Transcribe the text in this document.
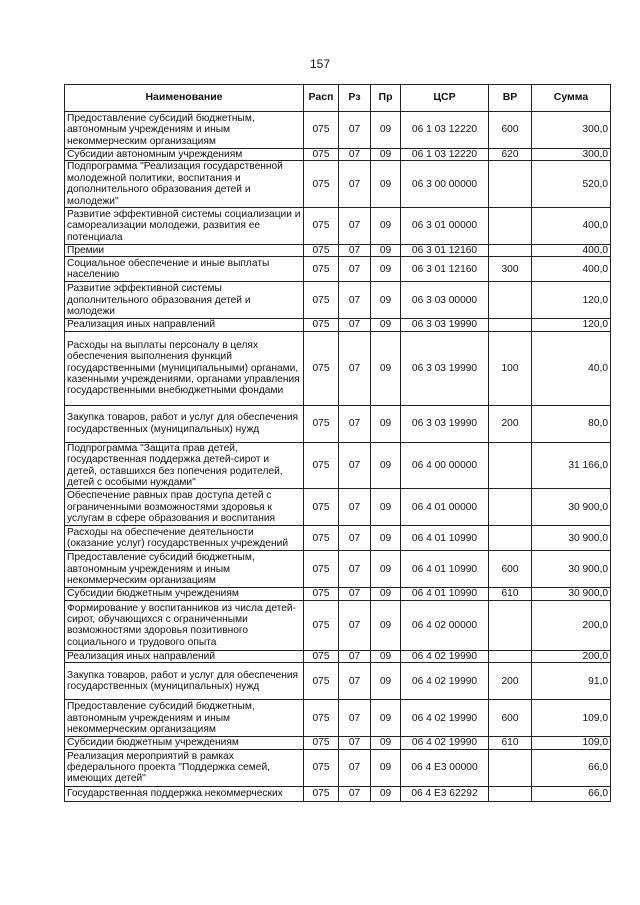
157
Наименование	Расп	Рз	Пр	ЦСР	ВР	Сумма
Предоставление субсидий бюджетным, автономным учреждениям и иным некоммерческим организациям	075	07	09	06 1 03 12220	600	300,0
Субсидии автономным учреждениям	075	07	09	06 1 03 12220	620	300,0
Подпрограмма "Реализация государственной молодежной политики, воспитания и дополнительного образования детей и молодежи"	075	07	09	06 3 00 00000		520,0
Развитие эффективной системы социализации и самореализации молодежи, развития ее потенциала	075	07	09	06 3 01 00000		400,0
Премии	075	07	09	06 3 01 12160		400,0
Социальное обеспечение и иные выплаты населению	075	07	09	06 3 01 12160	300	400,0
Развитие эффективной системы дополнительного образования детей и молодежи	075	07	09	06 3 03 00000		120,0
Реализация иных направлений	075	07	09	06 3 03 19990		120,0
Расходы на выплаты персоналу в целях обеспечения выполнения функций государственными (муниципальными) органами, казенными учреждениями, органами управления государственными внебюджетными фондами	075	07	09	06 3 03 19990	100	40,0
Закупка товаров, работ и услуг для обеспечения государственных (муниципальных) нужд	075	07	09	06 3 03 19990	200	80,0
Подпрограмма "Защита прав детей, государственная поддержка детей-сирот и детей, оставшихся без попечения родителей, детей с особыми нуждами"	075	07	09	06 4 00 00000		31 166,0
Обеспечение равных прав доступа детей с ограниченными возможностями здоровья к услугам в сфере образования и воспитания	075	07	09	06 4 01 00000		30 900,0
Расходы на обеспечение деятельности (оказание услуг) государственных учреждений	075	07	09	06 4 01 10990		30 900,0
Предоставление субсидий бюджетным, автономным учреждениям и иным некоммерческим организациям	075	07	09	06 4 01 10990	600	30 900,0
Субсидии бюджетным учреждениям	075	07	09	06 4 01 10990	610	30 900,0
Формирование у воспитанников из числа детей-сирот, обучающихся с ограниченными возможностями здоровья позитивного социального и трудового опыта	075	07	09	06 4 02 00000		200,0
Реализация иных направлений	075	07	09	06 4 02 19990		200,0
Закупка товаров, работ и услуг для обеспечения государственных (муниципальных) нужд	075	07	09	06 4 02 19990	200	91,0
Предоставление субсидий бюджетным, автономным учреждениям и иным некоммерческим организациям	075	07	09	06 4 02 19990	600	109,0
Субсидии бюджетным учреждениям	075	07	09	06 4 02 19990	610	109,0
Реализация мероприятий в рамках федерального проекта "Поддержка семей, имеющих детей"	075	07	09	06 4 E3 00000		66,0
Государственная поддержка некоммерческих	075	07	09	06 4 E3 62292		66,0
